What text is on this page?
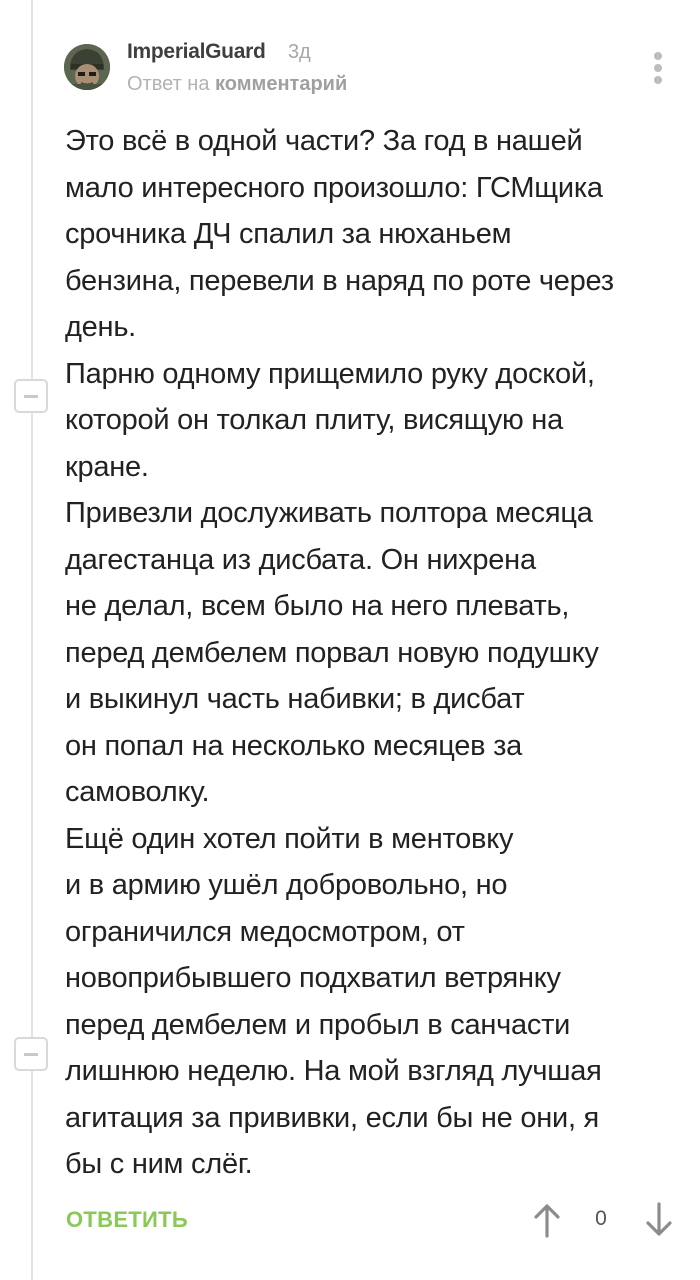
ImperialGuard 3д
Ответ на комментарий

Это всё в одной части? За год в нашей

мало интересного произошло: ГСМщика

срочника ДЧ спалил за нюханьем

бензина, перевели в наряд по роте через

день.

Парню одному прищемило руку доской,

которой он толкал плиту, висящую на

кране.

Привезли дослуживать полтора месяца

дагестанца из дисбата. Он нихрена

не делал, всем было на него плевать,

перед дембелем порвал новую подушку

и выкинул часть набивки; в дисбат

он попал на несколько месяцев за

самоволку.

Ещё один хотел пойти в ментовку

и в армию ушёл добровольно, но

ограничился медосмотром, от

новоприбывшего подхватил ветрянку

перед дембелем и пробыл в санчасти

лишнюю неделю. На мой взгляд лучшая

агитация за прививки, если бы не они, я

бы с ним слёг.

ОТВЕТИТЬ	0
